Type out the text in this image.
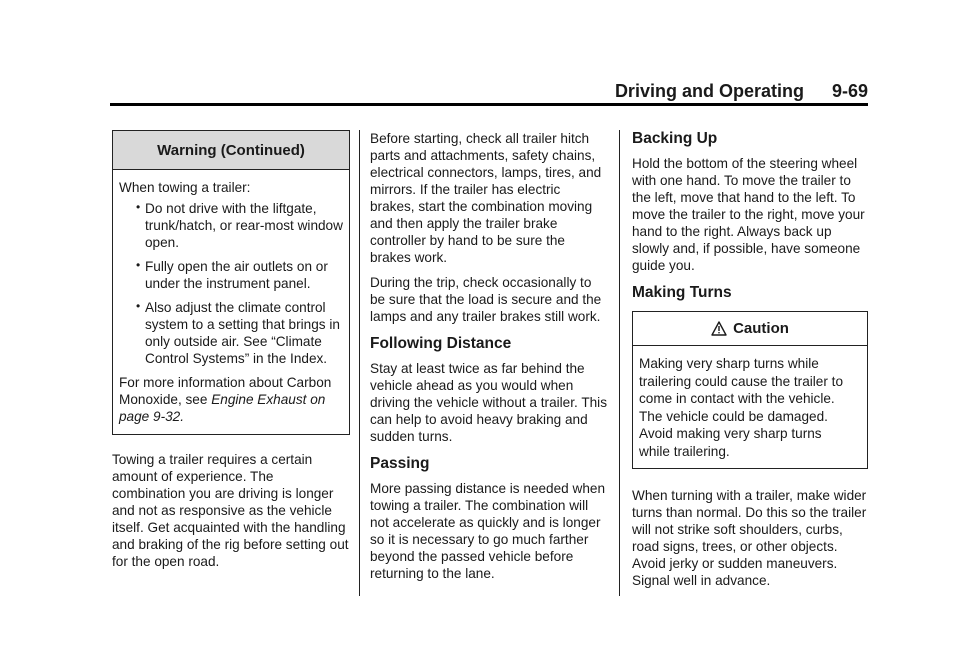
Driving and Operating 9-69
Warning (Continued)
When towing a trailer:
• Do not drive with the liftgate, trunk/hatch, or rear-most window open.
• Fully open the air outlets on or under the instrument panel.
• Also adjust the climate control system to a setting that brings in only outside air. See “Climate Control Systems” in the Index.
For more information about Carbon Monoxide, see Engine Exhaust on page 9-32.

Towing a trailer requires a certain amount of experience. The combination you are driving is longer and not as responsive as the vehicle itself. Get acquainted with the handling and braking of the rig before setting out for the open road.

Before starting, check all trailer hitch parts and attachments, safety chains, electrical connectors, lamps, tires, and mirrors. If the trailer has electric brakes, start the combination moving and then apply the trailer brake controller by hand to be sure the brakes work.

During the trip, check occasionally to be sure that the load is secure and the lamps and any trailer brakes still work.

Following Distance

Stay at least twice as far behind the vehicle ahead as you would when driving the vehicle without a trailer. This can help to avoid heavy braking and sudden turns.

Passing

More passing distance is needed when towing a trailer. The combination will not accelerate as quickly and is longer so it is necessary to go much farther beyond the passed vehicle before returning to the lane.

Backing Up

Hold the bottom of the steering wheel with one hand. To move the trailer to the left, move that hand to the left. To move the trailer to the right, move your hand to the right. Always back up slowly and, if possible, have someone guide you.

Making Turns
Caution
Making very sharp turns while
trailering could cause the trailer to
come in contact with the vehicle.
The vehicle could be damaged.
Avoid making very sharp turns
while trailering.

When turning with a trailer, make wider turns than normal. Do this so the trailer will not strike soft shoulders, curbs, road signs, trees, or other objects. Avoid jerky or sudden maneuvers. Signal well in advance.
